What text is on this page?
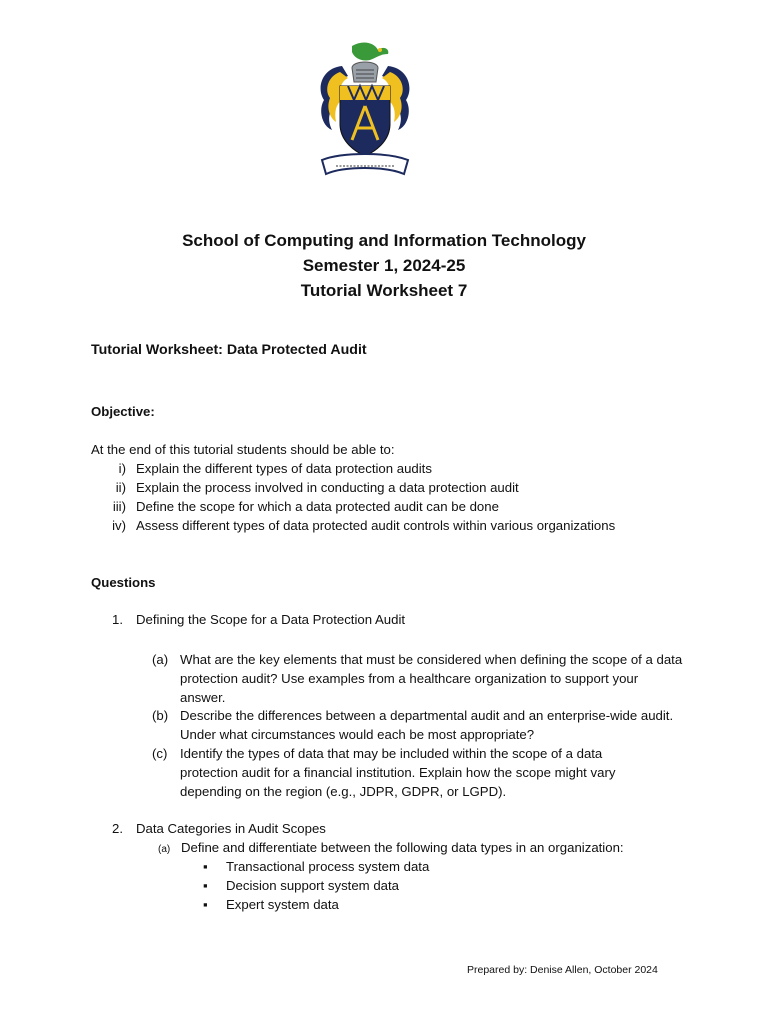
School of Computing and Information Technology
Semester 1, 2024-25
Tutorial Worksheet 7
Tutorial Worksheet: Data Protected Audit
Objective:
At the end of this tutorial students should be able to:
i) Explain the different types of data protection audits
ii) Explain the process involved in conducting a data protection audit
iii) Define the scope for which a data protected audit can be done
iv) Assess different types of data protected audit controls within various organizations
Questions
1. Defining the Scope for a Data Protection Audit
(a) What are the key elements that must be considered when defining the scope of a data protection audit? Use examples from a healthcare organization to support your answer.
(b) Describe the differences between a departmental audit and an enterprise-wide audit. Under what circumstances would each be most appropriate?
(c) Identify the types of data that may be included within the scope of a data protection audit for a financial institution. Explain how the scope might vary depending on the region (e.g., JDPR, GDPR, or LGPD).
2. Data Categories in Audit Scopes
(a) Define and differentiate between the following data types in an organization:
▪ Transactional process system data
▪ Decision support system data
▪ Expert system data
Prepared by: Denise Allen, October 2024
